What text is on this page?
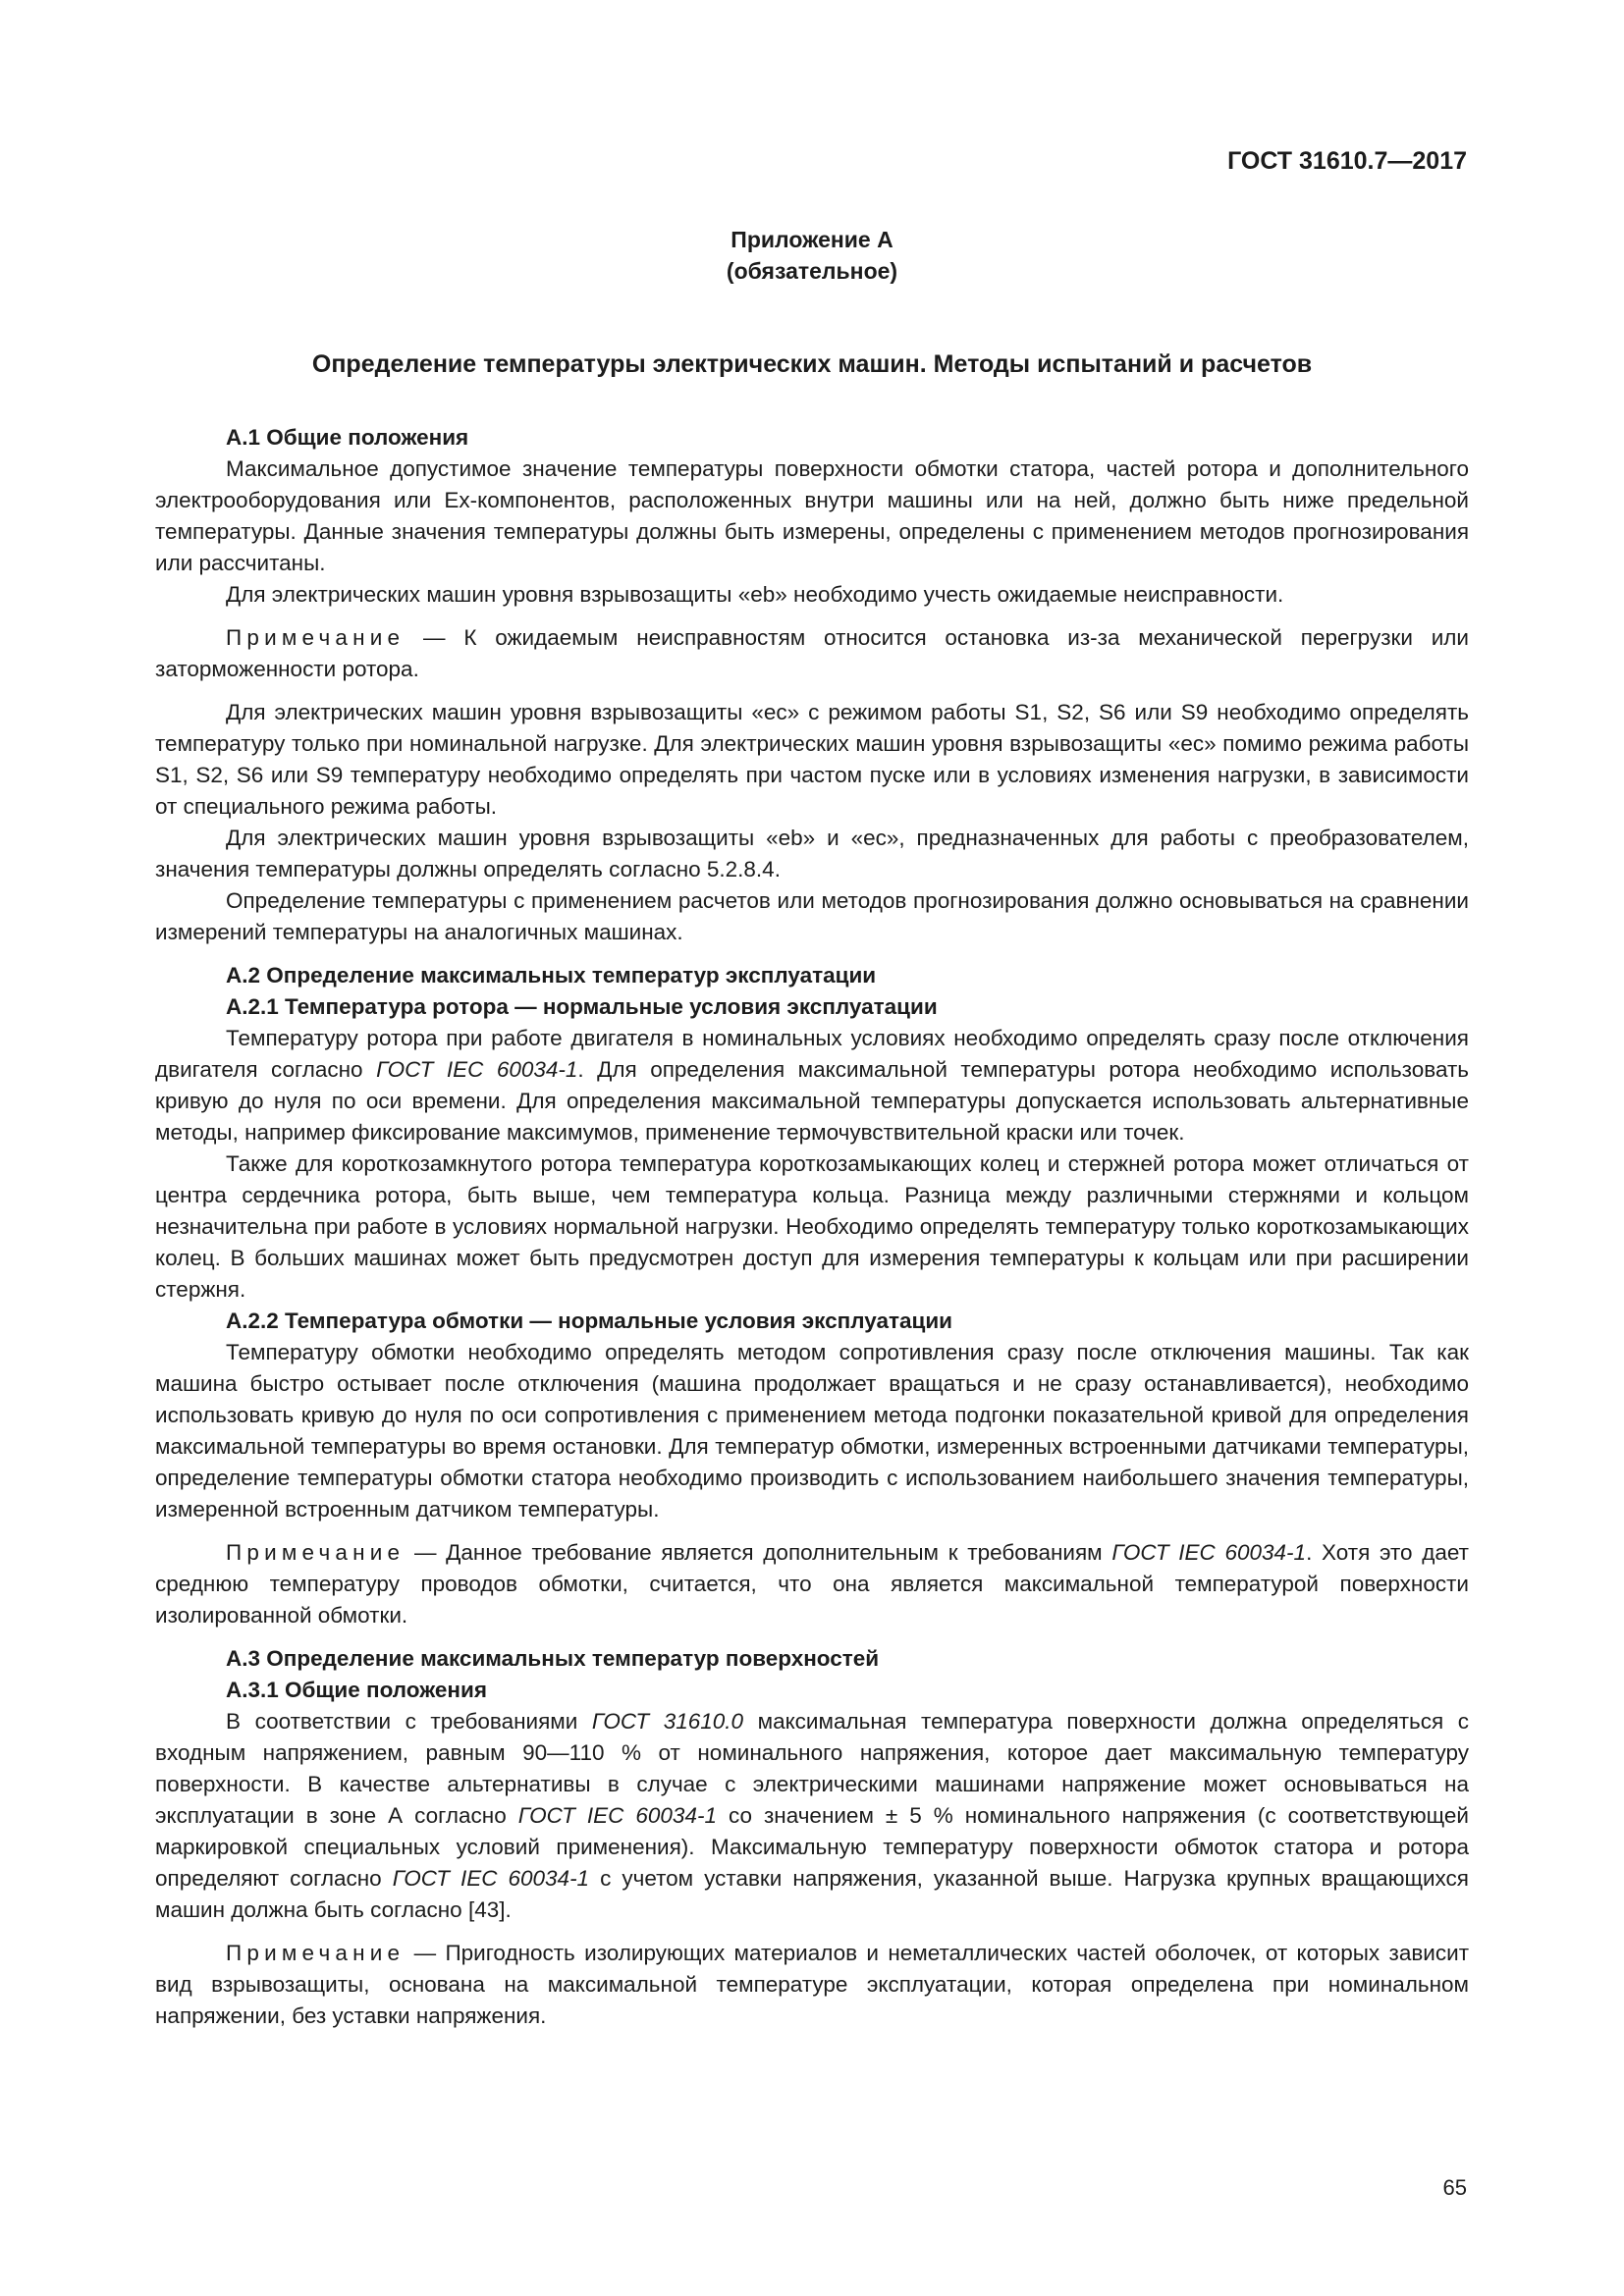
ГОСТ 31610.7—2017

Приложение А
(обязательное)
Определение температуры электрических машин. Методы испытаний и расчетов
А.1 Общие положения

Максимальное допустимое значение температуры поверхности обмотки статора, частей ротора и дополнительного электрооборудования или Ех-компонентов, расположенных внутри машины или на ней, должно быть ниже предельной температуры. Данные значения температуры должны быть измерены, определены с применением методов прогнозирования или рассчитаны.

Для электрических машин уровня взрывозащиты «eb» необходимо учесть ожидаемые неисправности.

Примечание — К ожидаемым неисправностям относится остановка из-за механической перегрузки или заторможенности ротора.

Для электрических машин уровня взрывозащиты «ec» с режимом работы S1, S2, S6 или S9 необходимо определять температуру только при номинальной нагрузке. Для электрических машин уровня взрывозащиты «ec» помимо режима работы S1, S2, S6 или S9 температуру необходимо определять при частом пуске или в условиях изменения нагрузки, в зависимости от специального режима работы.

Для электрических машин уровня взрывозащиты «eb» и «ec», предназначенных для работы с преобразователем, значения температуры должны определять согласно 5.2.8.4.

Определение температуры с применением расчетов или методов прогнозирования должно основываться на сравнении измерений температуры на аналогичных машинах.

А.2 Определение максимальных температур эксплуатации
А.2.1 Температура ротора — нормальные условия эксплуатации

Температуру ротора при работе двигателя в номинальных условиях необходимо определять сразу после отключения двигателя согласно ГОСТ IEC 60034-1. Для определения максимальной температуры ротора необходимо использовать кривую до нуля по оси времени. Для определения максимальной температуры допускается использовать альтернативные методы, например фиксирование максимумов, применение термочувствительной краски или точек.

Также для короткозамкнутого ротора температура короткозамыкающих колец и стержней ротора может отличаться от центра сердечника ротора, быть выше, чем температура кольца. Разница между различными стержнями и кольцом незначительна при работе в условиях нормальной нагрузки. Необходимо определять температуру только короткозамыкающих колец. В больших машинах может быть предусмотрен доступ для измерения температуры к кольцам или при расширении стержня.

А.2.2 Температура обмотки — нормальные условия эксплуатации

Температуру обмотки необходимо определять методом сопротивления сразу после отключения машины. Так как машина быстро остывает после отключения (машина продолжает вращаться и не сразу останавливается), необходимо использовать кривую до нуля по оси сопротивления с применением метода подгонки показательной кривой для определения максимальной температуры во время остановки. Для температур обмотки, измеренных встроенными датчиками температуры, определение температуры обмотки статора необходимо производить с использованием наибольшего значения температуры, измеренной встроенным датчиком температуры.

Примечание — Данное требование является дополнительным к требованиям ГОСТ IEC 60034-1. Хотя это дает среднюю температуру проводов обмотки, считается, что она является максимальной температурой поверхности изолированной обмотки.

А.3 Определение максимальных температур поверхностей
А.3.1 Общие положения

В соответствии с требованиями ГОСТ 31610.0 максимальная температура поверхности должна определяться с входным напряжением, равным 90—110 % от номинального напряжения, которое дает максимальную температуру поверхности. В качестве альтернативы в случае с электрическими машинами напряжение может основываться на эксплуатации в зоне А согласно ГОСТ IEC 60034-1 со значением ± 5 % номинального напряжения (с соответствующей маркировкой специальных условий применения). Максимальную температуру поверхности обмоток статора и ротора определяют согласно ГОСТ IEC 60034-1 с учетом уставки напряжения, указанной выше. Нагрузка крупных вращающихся машин должна быть согласно [43].

Примечание — Пригодность изолирующих материалов и неметаллических частей оболочек, от которых зависит вид взрывозащиты, основана на максимальной температуре эксплуатации, которая определена при номинальном напряжении, без уставки напряжения.

65
